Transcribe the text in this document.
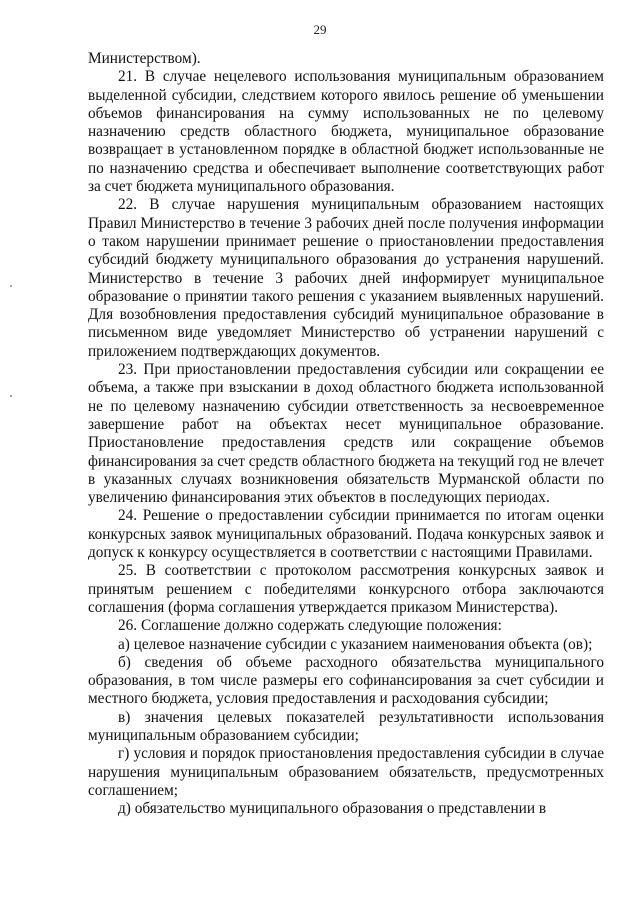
29

Министерством).

21. В случае нецелевого использования муниципальным образованием выделенной субсидии, следствием которого явилось решение об уменьшении объемов финансирования на сумму использованных не по целевому назначению средств областного бюджета, муниципальное образование возвращает в установленном порядке в областной бюджет использованные не по назначению средства и обеспечивает выполнение соответствующих работ за счет бюджета муниципального образования.

22. В случае нарушения муниципальным образованием настоящих Правил Министерство в течение 3 рабочих дней после получения информации о таком нарушении принимает решение о приостановлении предоставления субсидий бюджету муниципального образования до устранения нарушений. Министерство в течение 3 рабочих дней информирует муниципальное образование о принятии такого решения с указанием выявленных нарушений. Для возобновления предоставления субсидий муниципальное образование в письменном виде уведомляет Министерство об устранении нарушений с приложением подтверждающих документов.

23. При приостановлении предоставления субсидии или сокращении ее объема, а также при взыскании в доход областного бюджета использованной не по целевому назначению субсидии ответственность за несвоевременное завершение работ на объектах несет муниципальное образование. Приостановление предоставления средств или сокращение объемов финансирования за счет средств областного бюджета на текущий год не влечет в указанных случаях возникновения обязательств Мурманской области по увеличению финансирования этих объектов в последующих периодах.

24. Решение о предоставлении субсидии принимается по итогам оценки конкурсных заявок муниципальных образований. Подача конкурсных заявок и допуск к конкурсу осуществляется в соответствии с настоящими Правилами.

25. В соответствии с протоколом рассмотрения конкурсных заявок и принятым решением с победителями конкурсного отбора заключаются соглашения (форма соглашения утверждается приказом Министерства).

26. Соглашение должно содержать следующие положения:

а) целевое назначение субсидии с указанием наименования объекта (ов);

б) сведения об объеме расходного обязательства муниципального образования, в том числе размеры его софинансирования за счет субсидии и местного бюджета, условия предоставления и расходования субсидии;

в) значения целевых показателей результативности использования муниципальным образованием субсидии;

г) условия и порядок приостановления предоставления субсидии в случае нарушения муниципальным образованием обязательств, предусмотренных соглашением;

д) обязательство муниципального образования о представлении в
